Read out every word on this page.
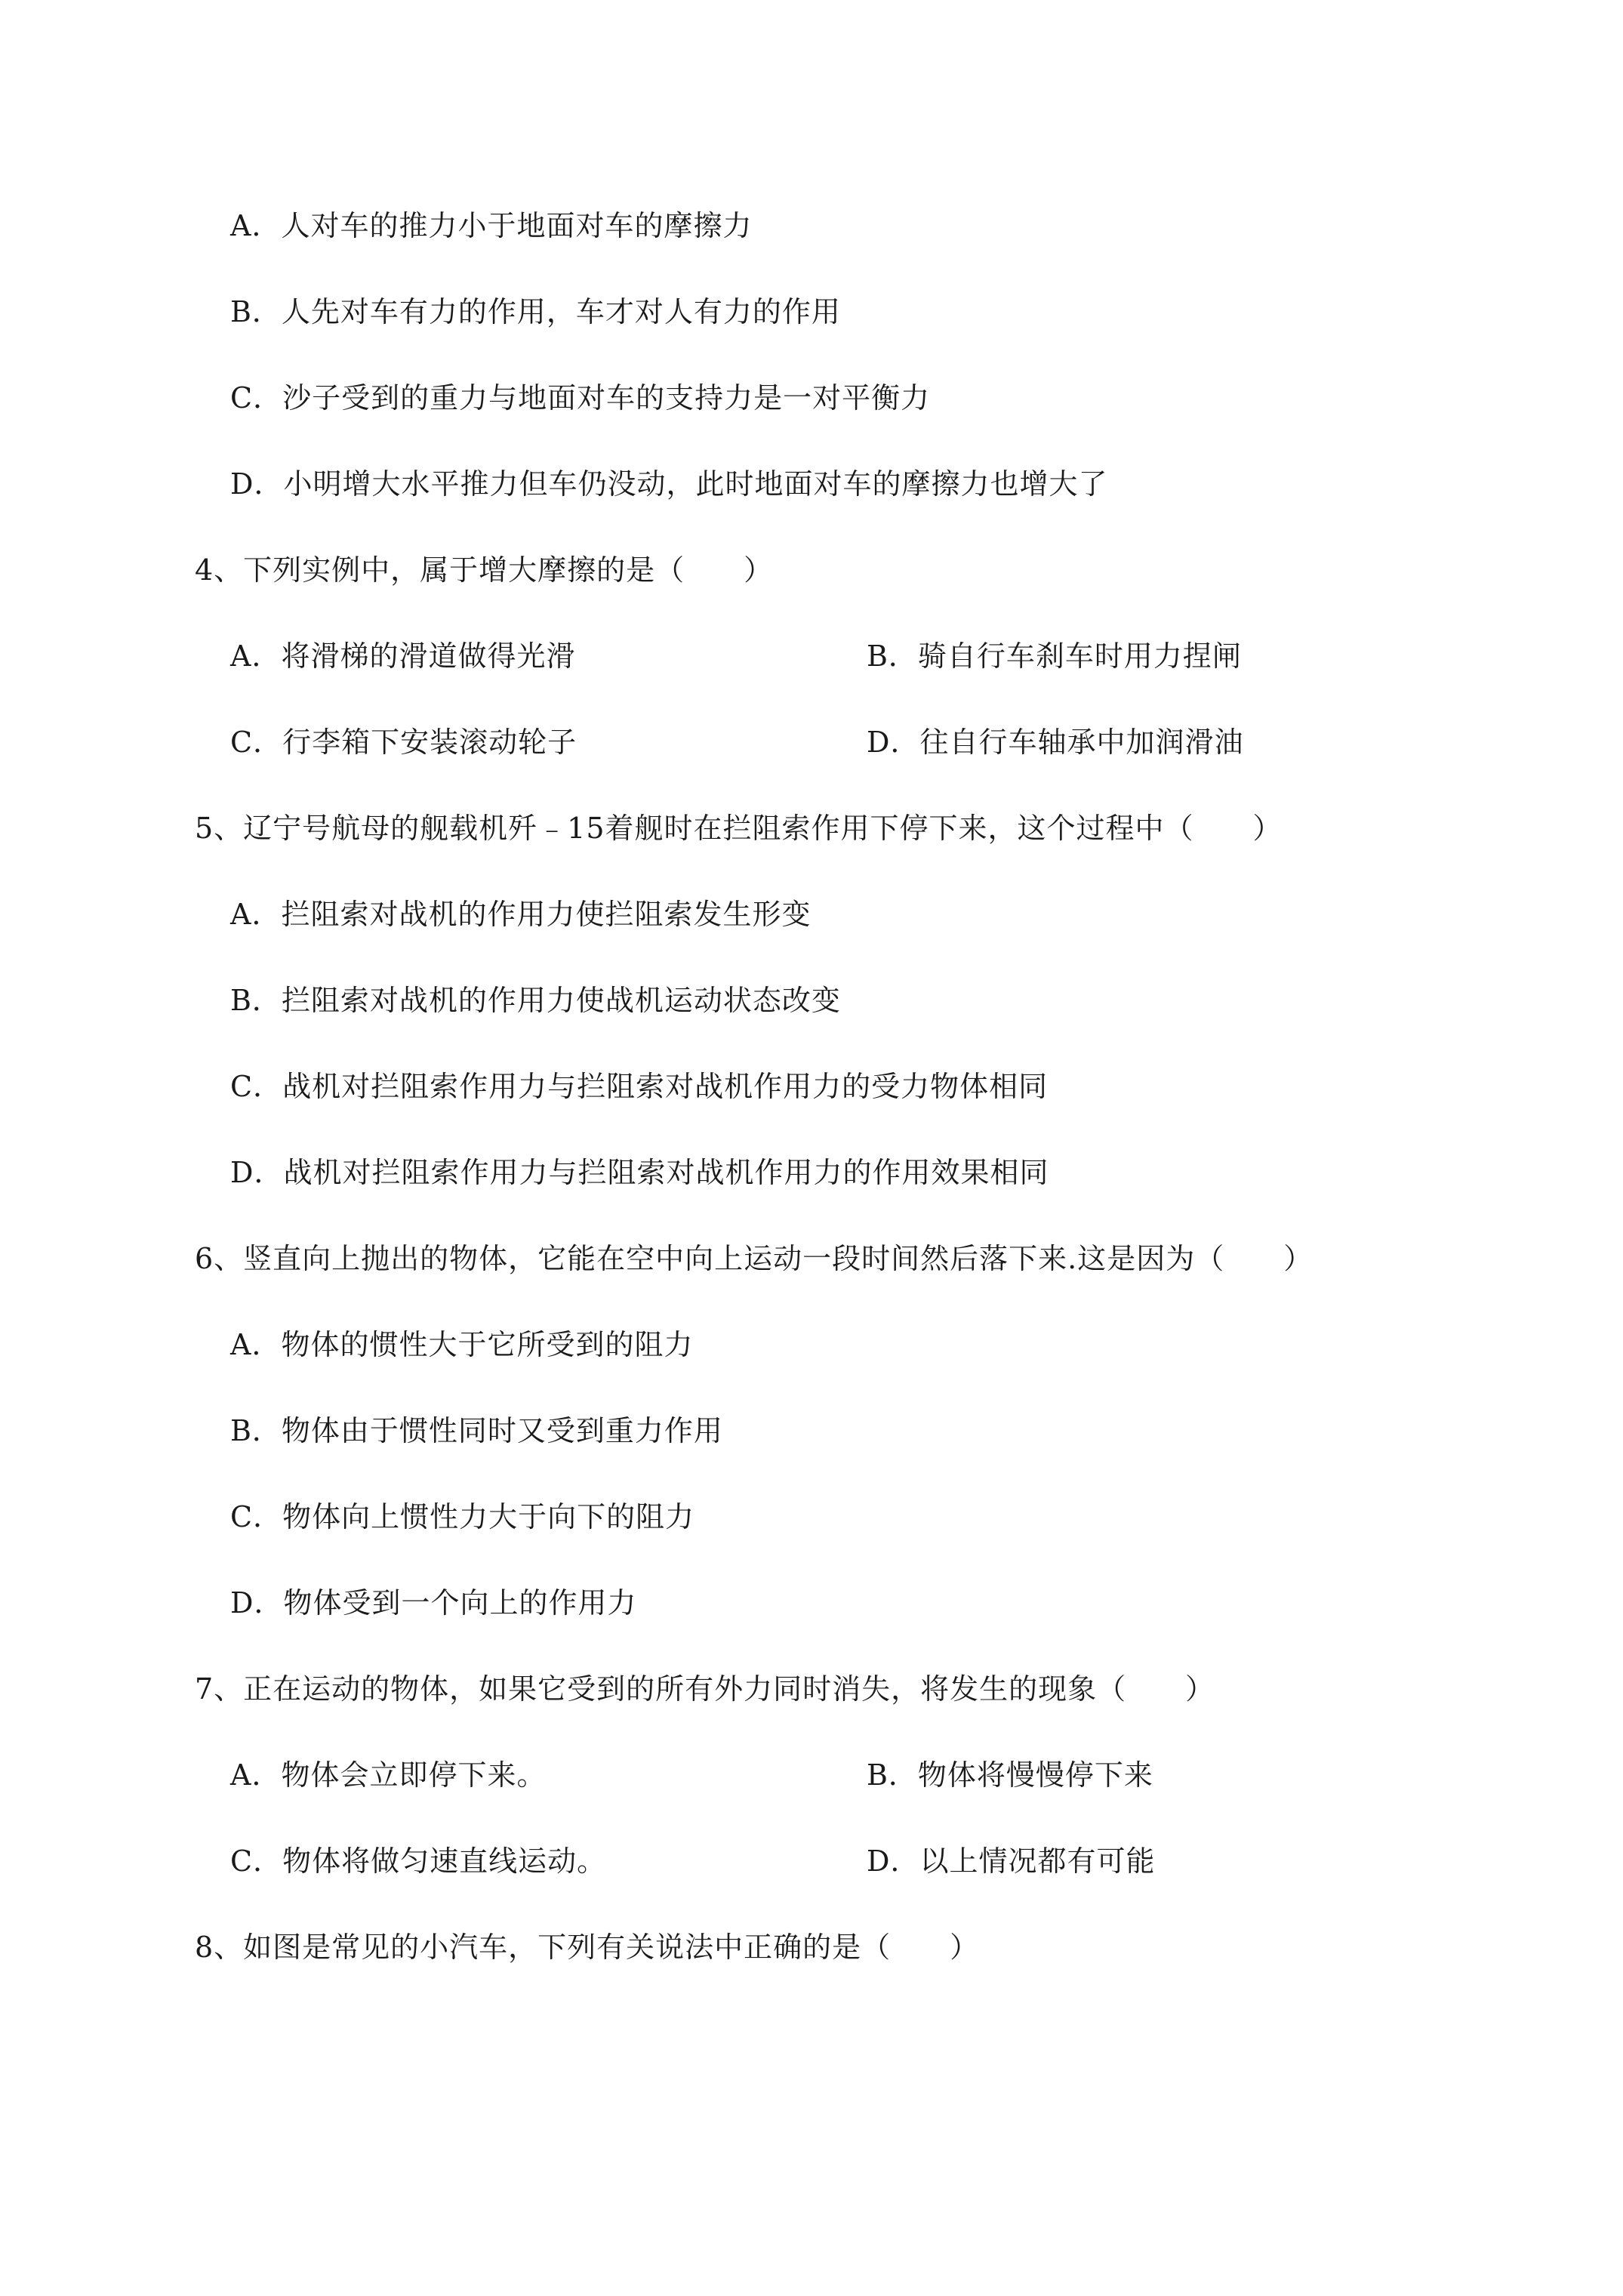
A．人对车的推力小于地面对车的摩擦力
B．人先对车有力的作用，车才对人有力的作用
C．沙子受到的重力与地面对车的支持力是一对平衡力
D．小明增大水平推力但车仍没动，此时地面对车的摩擦力也增大了
4、下列实例中，属于增大摩擦的是（　　）
A．将滑梯的滑道做得光滑	B．骑自行车刹车时用力捏闸
C．行李箱下安装滚动轮子	D．往自行车轴承中加润滑油
5、辽宁号航母的舰载机歼﹣15着舰时在拦阻索作用下停下来，这个过程中（　　）
A．拦阻索对战机的作用力使拦阻索发生形变
B．拦阻索对战机的作用力使战机运动状态改变
C．战机对拦阻索作用力与拦阻索对战机作用力的受力物体相同
D．战机对拦阻索作用力与拦阻索对战机作用力的作用效果相同
6、竖直向上抛出的物体，它能在空中向上运动一段时间然后落下来.这是因为（　　）
A．物体的惯性大于它所受到的阻力
B．物体由于惯性同时又受到重力作用
C．物体向上惯性力大于向下的阻力
D．物体受到一个向上的作用力
7、正在运动的物体，如果它受到的所有外力同时消失，将发生的现象（　　）
A．物体会立即停下来。	B．物体将慢慢停下来
C．物体将做匀速直线运动。	D．以上情况都有可能
8、如图是常见的小汽车，下列有关说法中正确的是（　　）
